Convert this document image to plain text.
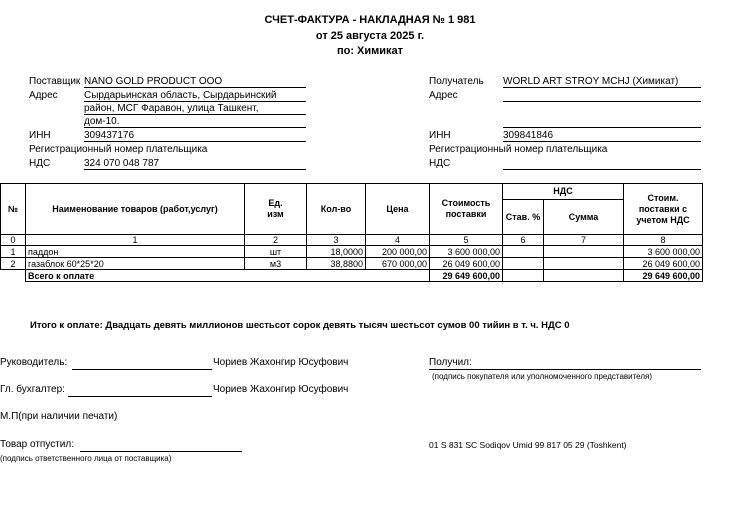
СЧЕТ-ФАКТУРА - НАКЛАДНАЯ № 1 981
от 25 августа 2025 г.
по: Химикат
Поставщик NANO GOLD PRODUCT OOO
Адрес	Сырдарьинская область, Сырдарьинский
район, МСГ Фаравон, улица Ташкент,
дом-10.
ИНН	309437176
Регистрационный номер плательщика
НДС	324 070 048 787
Получатель WORLD ART STROY MCHJ (Химикат)
Адрес
ИНН	309841846
Регистрационный номер плательщика
НДС
№	Наименование товаров (работ,услуг)	Ед. изм	Кол-во	Цена	Стоимость поставки	НДС		Стоим. поставки с учетом НДС
						Став. %	Сумма	
0	1	2	3	4	5	6	7	8
1	паддон	шт	18,0000	200 000,00	3 600 000,00			3 600 000,00
2	газаблок 60*25*20	м3	38,8800	670 000,00	26 049 600,00			26 049 600,00
	Всего к оплате				29 649 600,00			29 649 600,00
Итого к оплате: Двадцать девять миллионов шестьсот сорок девять тысяч шестьсот сумов 00 тийин в т. ч. НДС 0
Руководитель:	Чориев Жахонгир Юсуфович
Гл. бухгалтер:	Чориев Жахонгир Юсуфович
М.П(при наличии печати)
Товар отпустил:
(подпись ответственного лица от поставщика)
Получил:
(подпись покупателя или уполномоченного представителя)
01 S 831 SC Sodiqov Umid 99 817 05 29 (Toshkent)
